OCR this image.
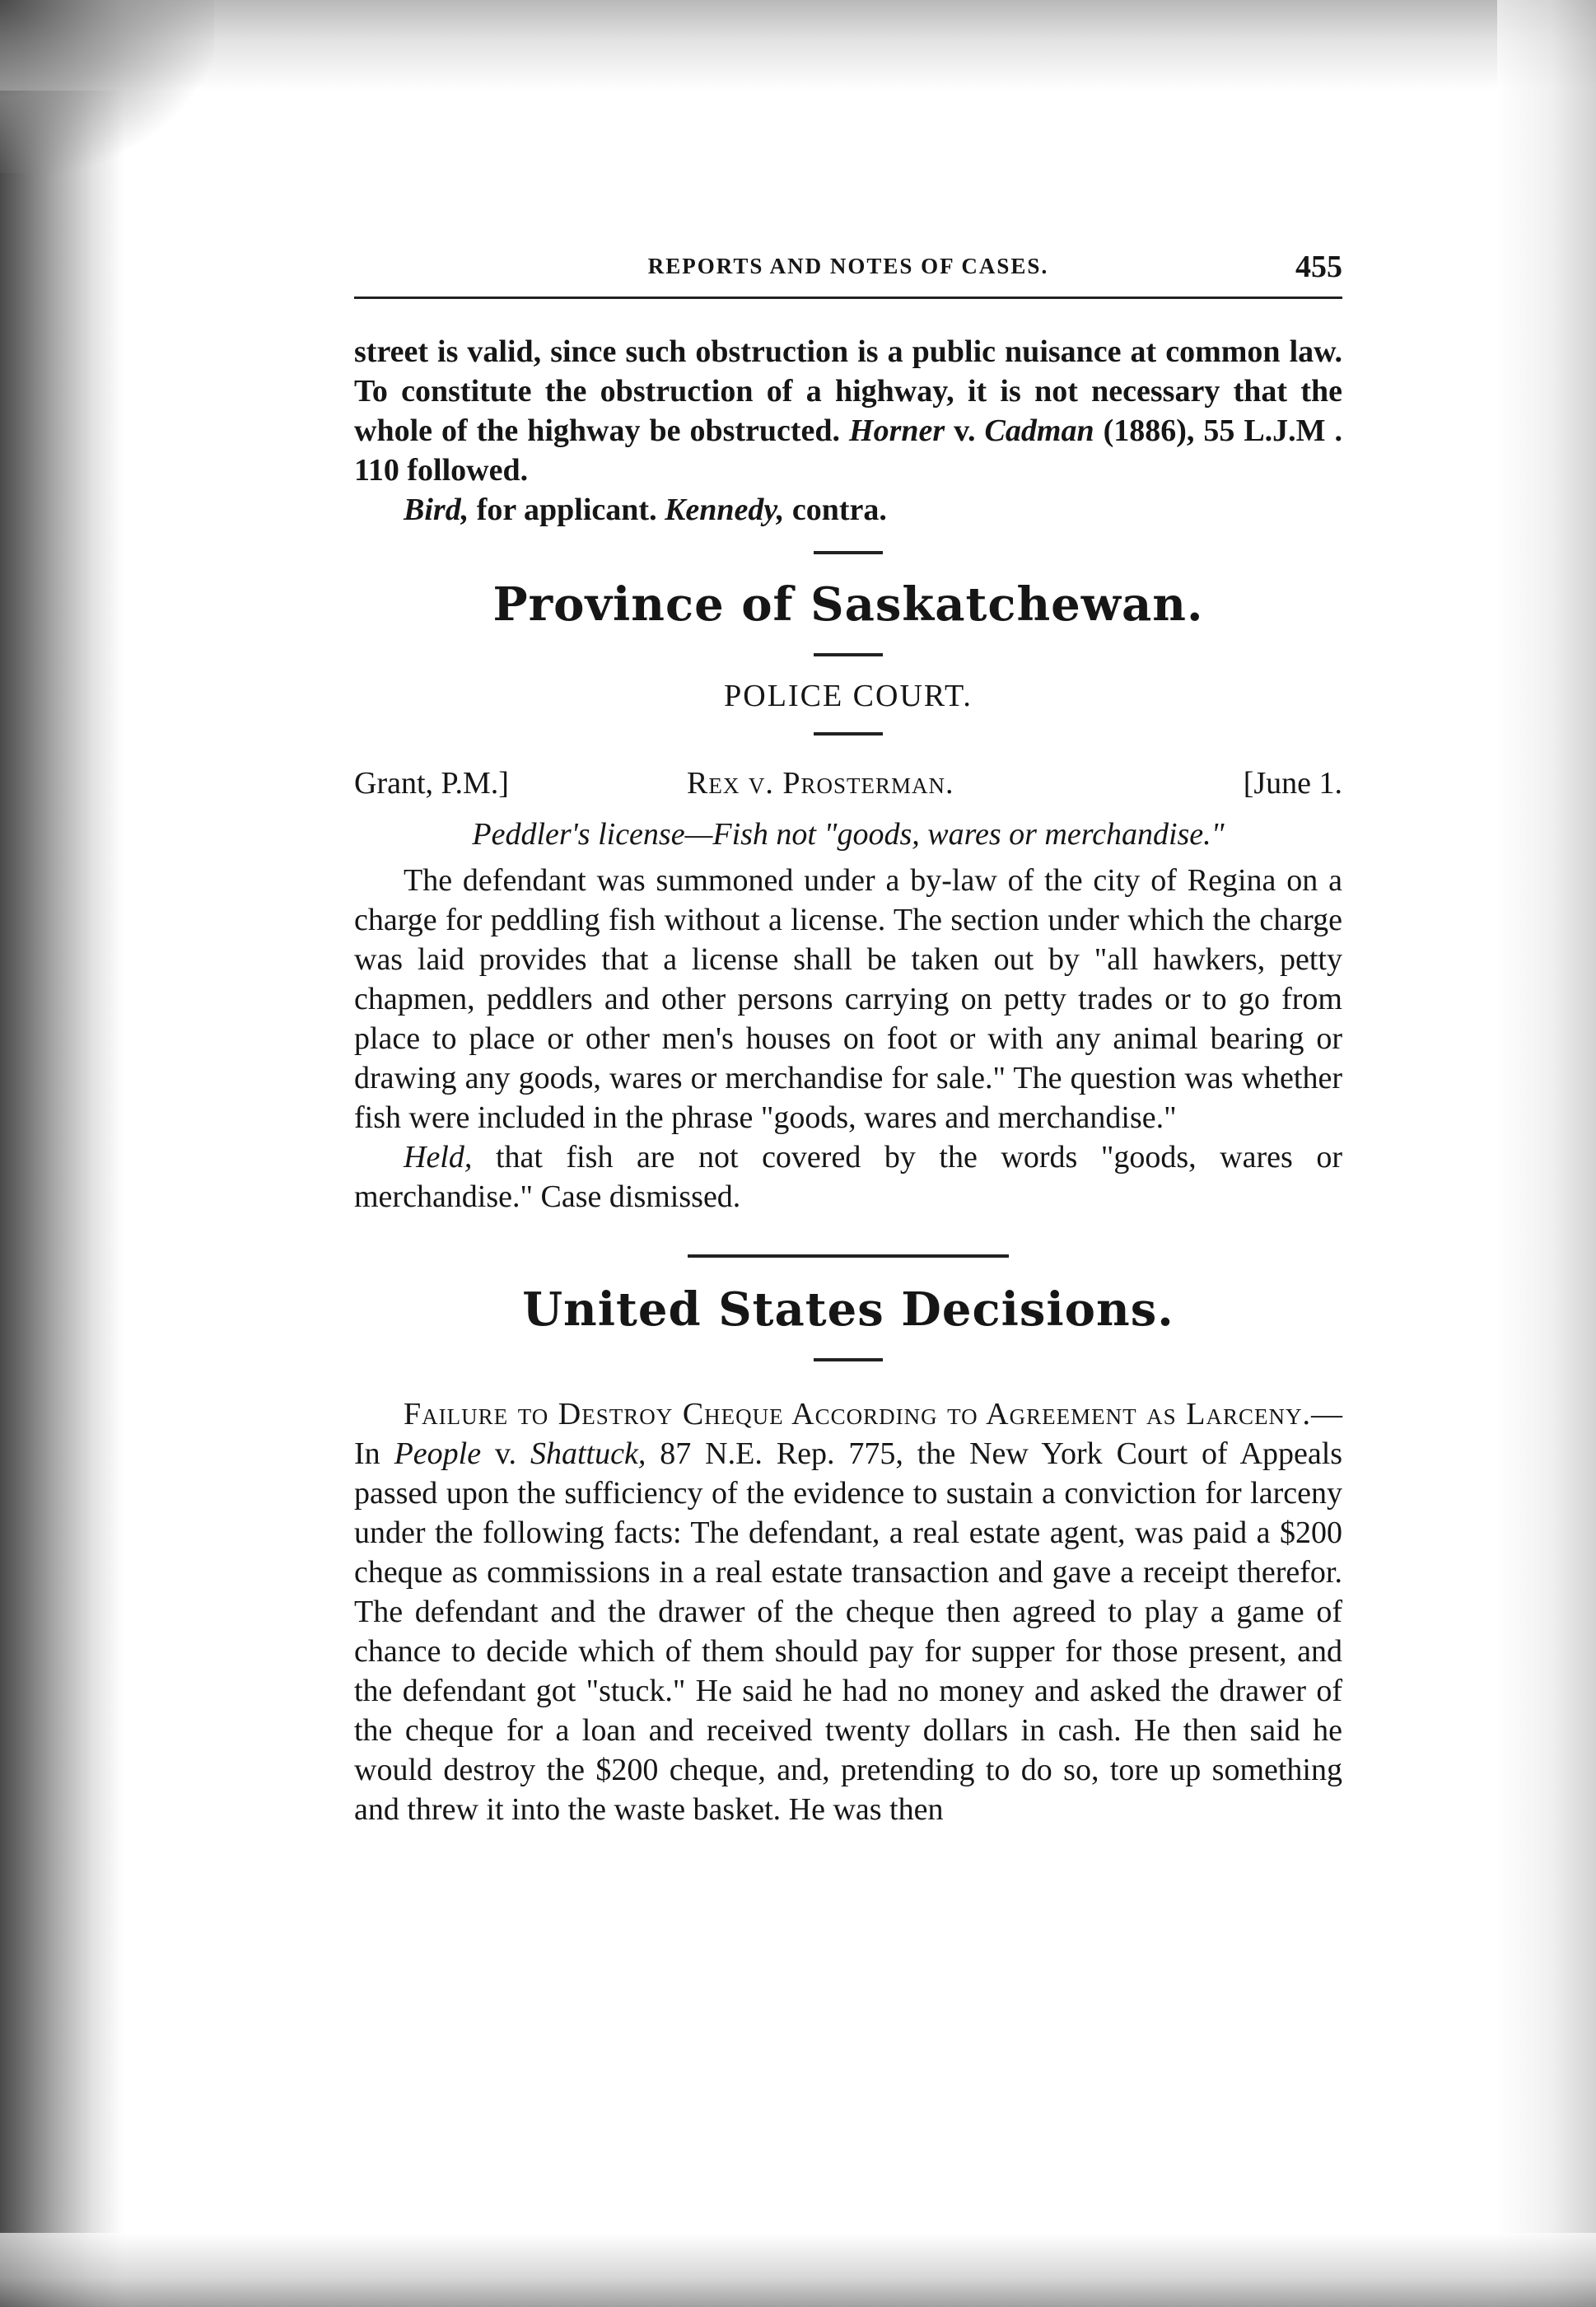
REPORTS AND NOTES OF CASES.	455

street is valid, since such obstruction is a public nuisance at common law. To constitute the obstruction of a highway, it is not necessary that the whole of the highway be obstructed. Horner v. Cadman (1886), 55 L.J.M . 110 followed.

Bird, for applicant. Kennedy, contra.

Province of Saskatchewan.
POLICE COURT.
Grant, P.M.]	Rex v. Prosterman.	[June 1.
Peddler's license—Fish not "goods, wares or merchandise."

The defendant was summoned under a by-law of the city of Regina on a charge for peddling fish without a license. The section under which the charge was laid provides that a license shall be taken out by "all hawkers, petty chapmen, peddlers and other persons carrying on petty trades or to go from place to place or other men's houses on foot or with any animal bearing or drawing any goods, wares or merchandise for sale." The question was whether fish were included in the phrase "goods, wares and merchandise."

Held, that fish are not covered by the words "goods, wares or merchandise." Case dismissed.

United States Decisions.

Failure to Destroy Cheque According to Agreement as Larceny.—In People v. Shattuck, 87 N.E. Rep. 775, the New York Court of Appeals passed upon the sufficiency of the evidence to sustain a conviction for larceny under the following facts: The defendant, a real estate agent, was paid a $200 cheque as commissions in a real estate transaction and gave a receipt therefor. The defendant and the drawer of the cheque then agreed to play a game of chance to decide which of them should pay for supper for those present, and the defendant got "stuck." He said he had no money and asked the drawer of the cheque for a loan and received twenty dollars in cash. He then said he would destroy the $200 cheque, and, pretending to do so, tore up something and threw it into the waste basket. He was then
